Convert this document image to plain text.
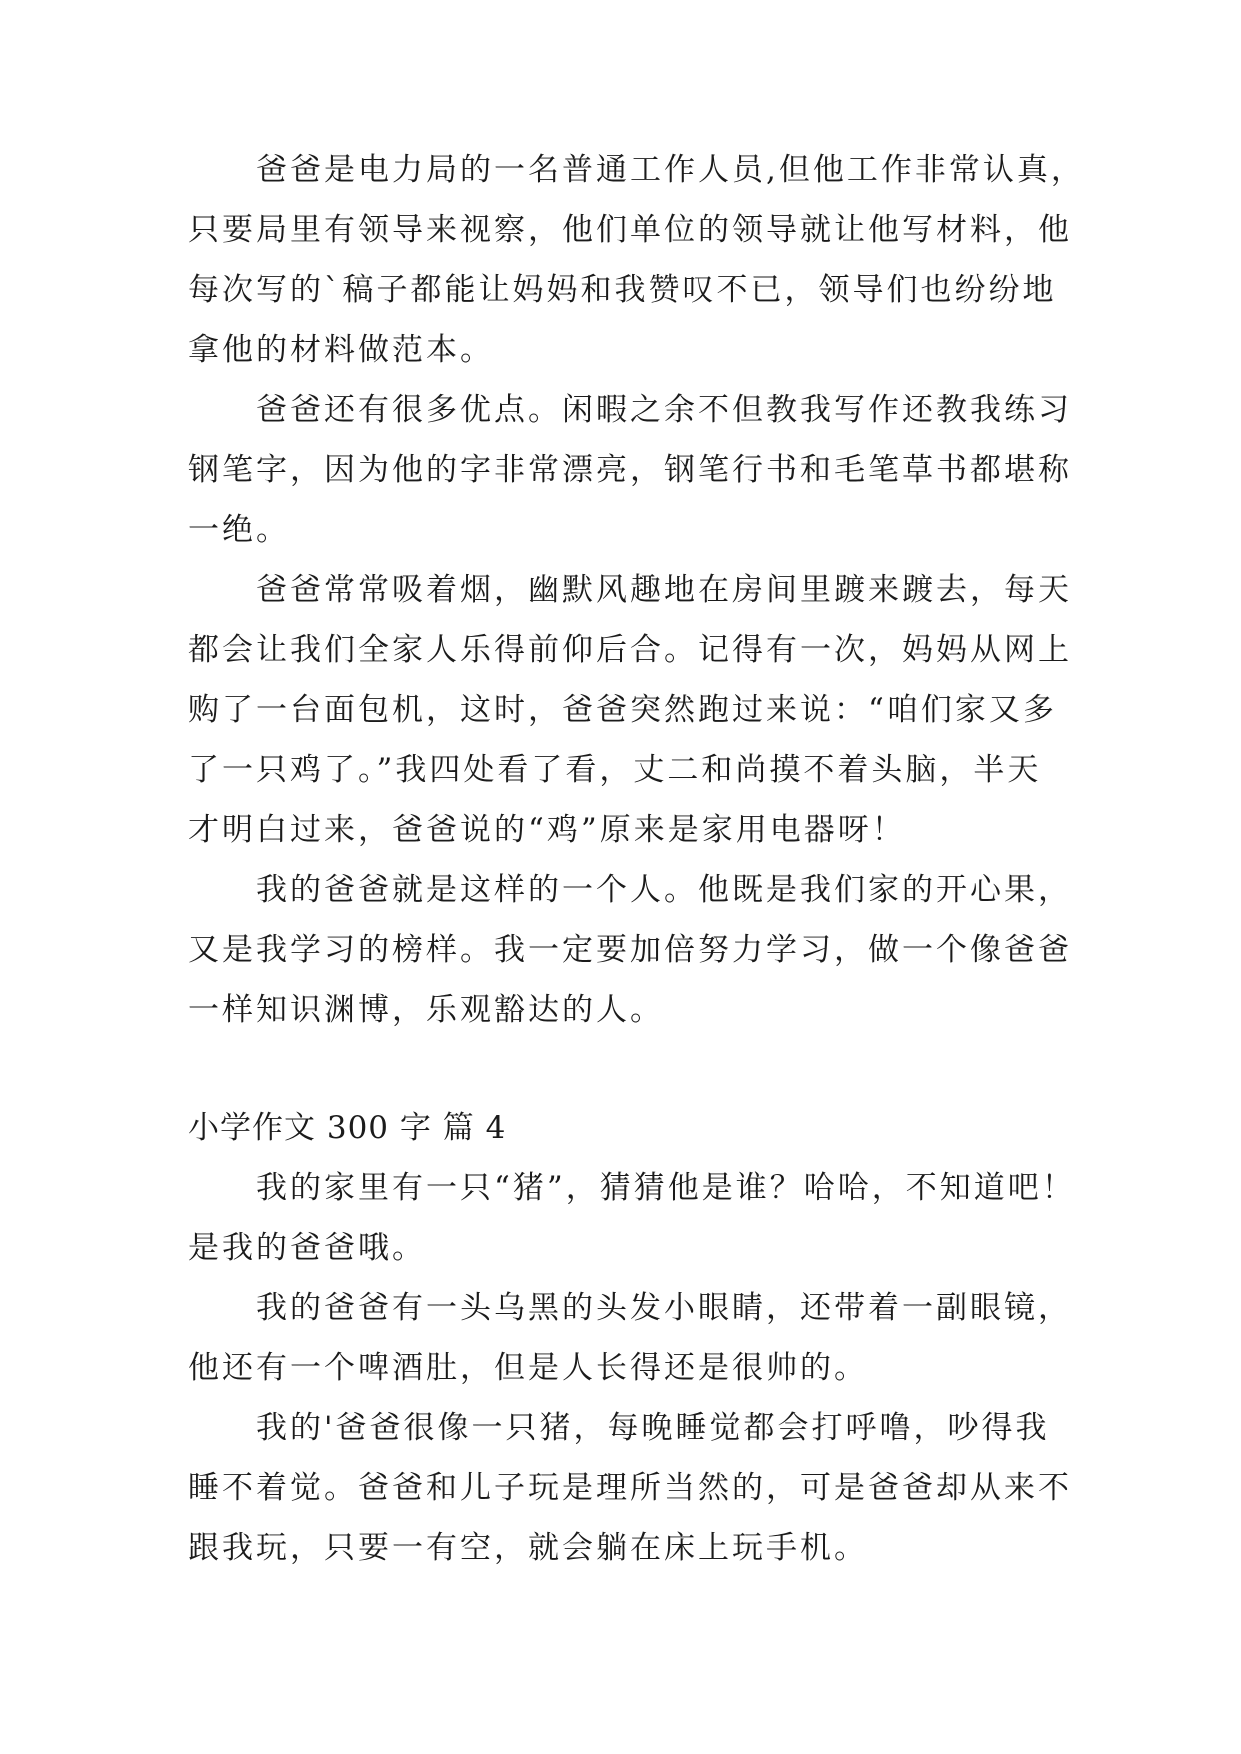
爸爸是电力局的一名普通工作人员,但他工作非常认真，
只要局里有领导来视察，他们单位的领导就让他写材料，他
每次写的`稿子都能让妈妈和我赞叹不已，领导们也纷纷地
拿他的材料做范本。
爸爸还有很多优点。闲暇之余不但教我写作还教我练习
钢笔字，因为他的字非常漂亮，钢笔行书和毛笔草书都堪称
一绝。
爸爸常常吸着烟，幽默风趣地在房间里踱来踱去，每天
都会让我们全家人乐得前仰后合。记得有一次，妈妈从网上
购了一台面包机，这时，爸爸突然跑过来说：“咱们家又多
了一只鸡了。”我四处看了看，丈二和尚摸不着头脑，半天
才明白过来，爸爸说的“鸡”原来是家用电器呀！
我的爸爸就是这样的一个人。他既是我们家的开心果，
又是我学习的榜样。我一定要加倍努力学习，做一个像爸爸
一样知识渊博，乐观豁达的人。
小学作文 300 字 篇 4
我的家里有一只“猪”，猜猜他是谁？哈哈，不知道吧！
是我的爸爸哦。
我的爸爸有一头乌黑的头发小眼睛，还带着一副眼镜，
他还有一个啤酒肚，但是人长得还是很帅的。
我的'爸爸很像一只猪，每晚睡觉都会打呼噜，吵得我
睡不着觉。爸爸和儿子玩是理所当然的，可是爸爸却从来不
跟我玩，只要一有空，就会躺在床上玩手机。
